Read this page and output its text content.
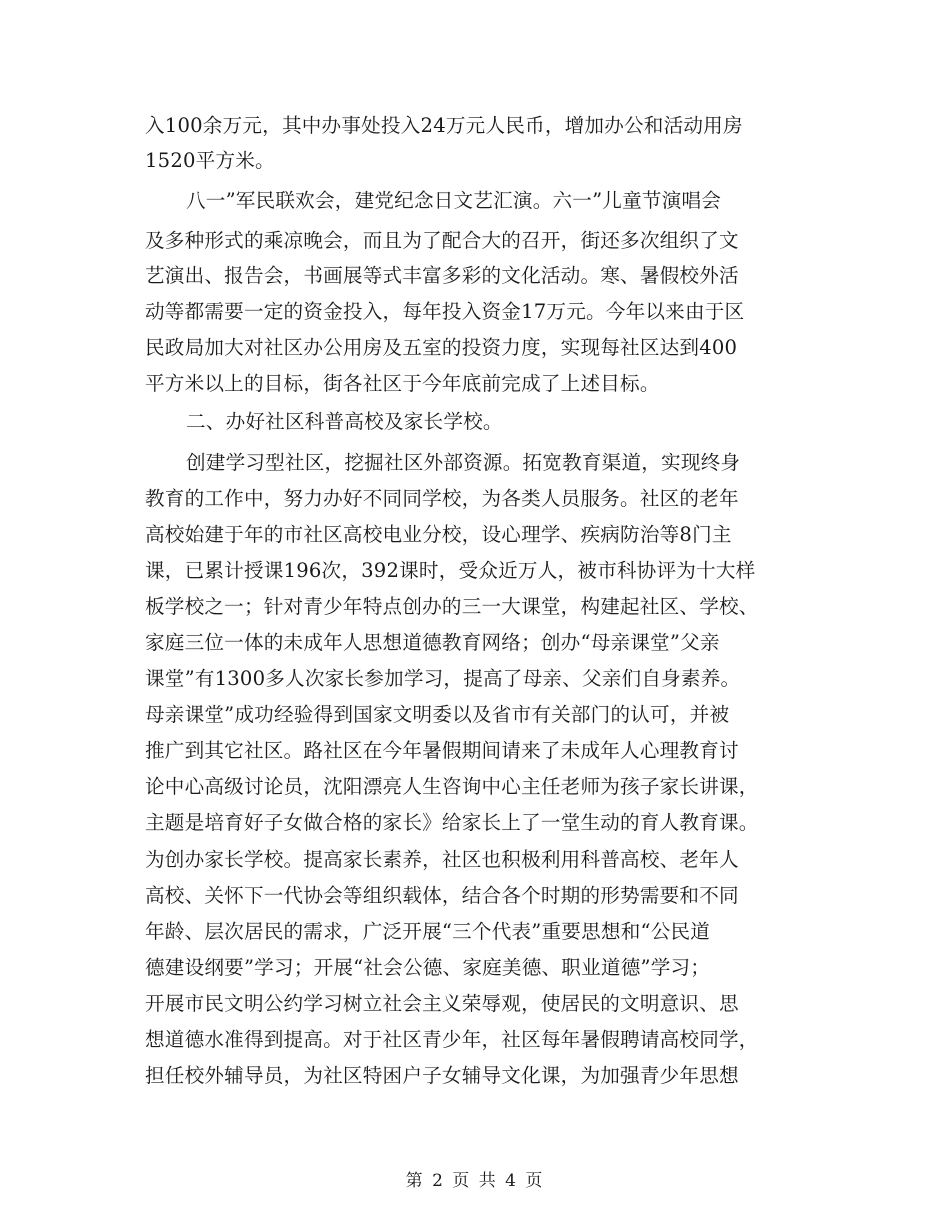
入100余万元，其中办事处投入24万元人民币，增加办公和活动用房
1520平方米。
八一”军民联欢会，建党纪念日文艺汇演。六一”儿童节演唱会
及多种形式的乘凉晚会，而且为了配合大的召开，街还多次组织了文
艺演出、报告会，书画展等式丰富多彩的文化活动。寒、暑假校外活
动等都需要一定的资金投入，每年投入资金17万元。今年以来由于区
民政局加大对社区办公用房及五室的投资力度，实现每社区达到400
平方米以上的目标，街各社区于今年底前完成了上述目标。
二、办好社区科普高校及家长学校。
创建学习型社区，挖掘社区外部资源。拓宽教育渠道，实现终身
教育的工作中，努力办好不同同学校，为各类人员服务。社区的老年
高校始建于年的市社区高校电业分校，设心理学、疾病防治等8门主
课，已累计授课196次，392课时，受众近万人，被市科协评为十大样
板学校之一；针对青少年特点创办的三一大课堂，构建起社区、学校、
家庭三位一体的未成年人思想道德教育网络；创办“母亲课堂”父亲
课堂”有1300多人次家长参加学习，提高了母亲、父亲们自身素养。
母亲课堂”成功经验得到国家文明委以及省市有关部门的认可，并被
推广到其它社区。路社区在今年暑假期间请来了未成年人心理教育讨
论中心高级讨论员，沈阳漂亮人生咨询中心主任老师为孩子家长讲课，
主题是培育好子女做合格的家长》给家长上了一堂生动的育人教育课。
为创办家长学校。提高家长素养，社区也积极利用科普高校、老年人
高校、关怀下一代协会等组织载体，结合各个时期的形势需要和不同
年龄、层次居民的需求，广泛开展“三个代表”重要思想和“公民道
德建设纲要”学习；开展“社会公德、家庭美德、职业道德”学习；
开展市民文明公约学习树立社会主义荣辱观，使居民的文明意识、思
想道德水准得到提高。对于社区青少年，社区每年暑假聘请高校同学，
担任校外辅导员，为社区特困户子女辅导文化课，为加强青少年思想
第 2 页 共 4 页
